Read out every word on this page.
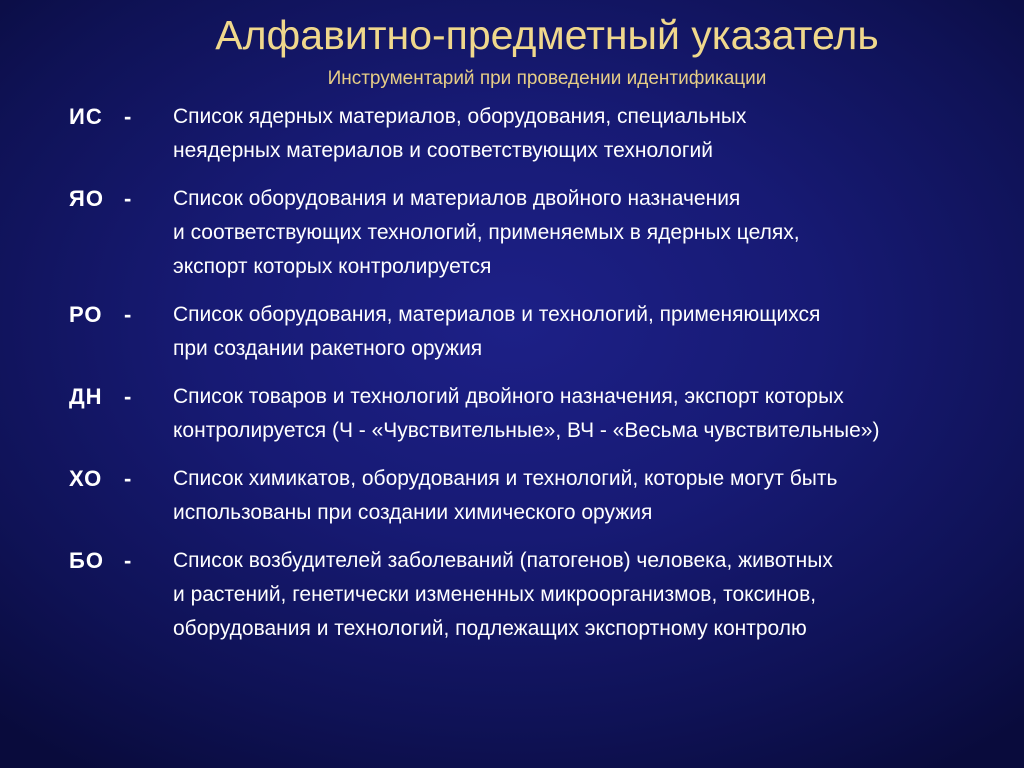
Алфавитно-предметный указатель
Инструментарий при проведении идентификации
ИС - Список ядерных материалов, оборудования, специальных
неядерных материалов и соответствующих технологий
ЯО - Список оборудования и материалов двойного назначения
и соответствующих технологий, применяемых в ядерных целях,
экспорт которых контролируется
РО - Список оборудования, материалов и технологий, применяющихся
при создании ракетного оружия
ДН - Список товаров и технологий двойного назначения, экспорт которых
контролируется (Ч - «Чувствительные», ВЧ - «Весьма чувствительные»)
ХО - Список химикатов, оборудования и технологий, которые могут быть
использованы при создании химического оружия
БО - Список возбудителей заболеваний (патогенов) человека, животных
и растений, генетически измененных микроорганизмов, токсинов,
оборудования и технологий, подлежащих экспортному контролю
